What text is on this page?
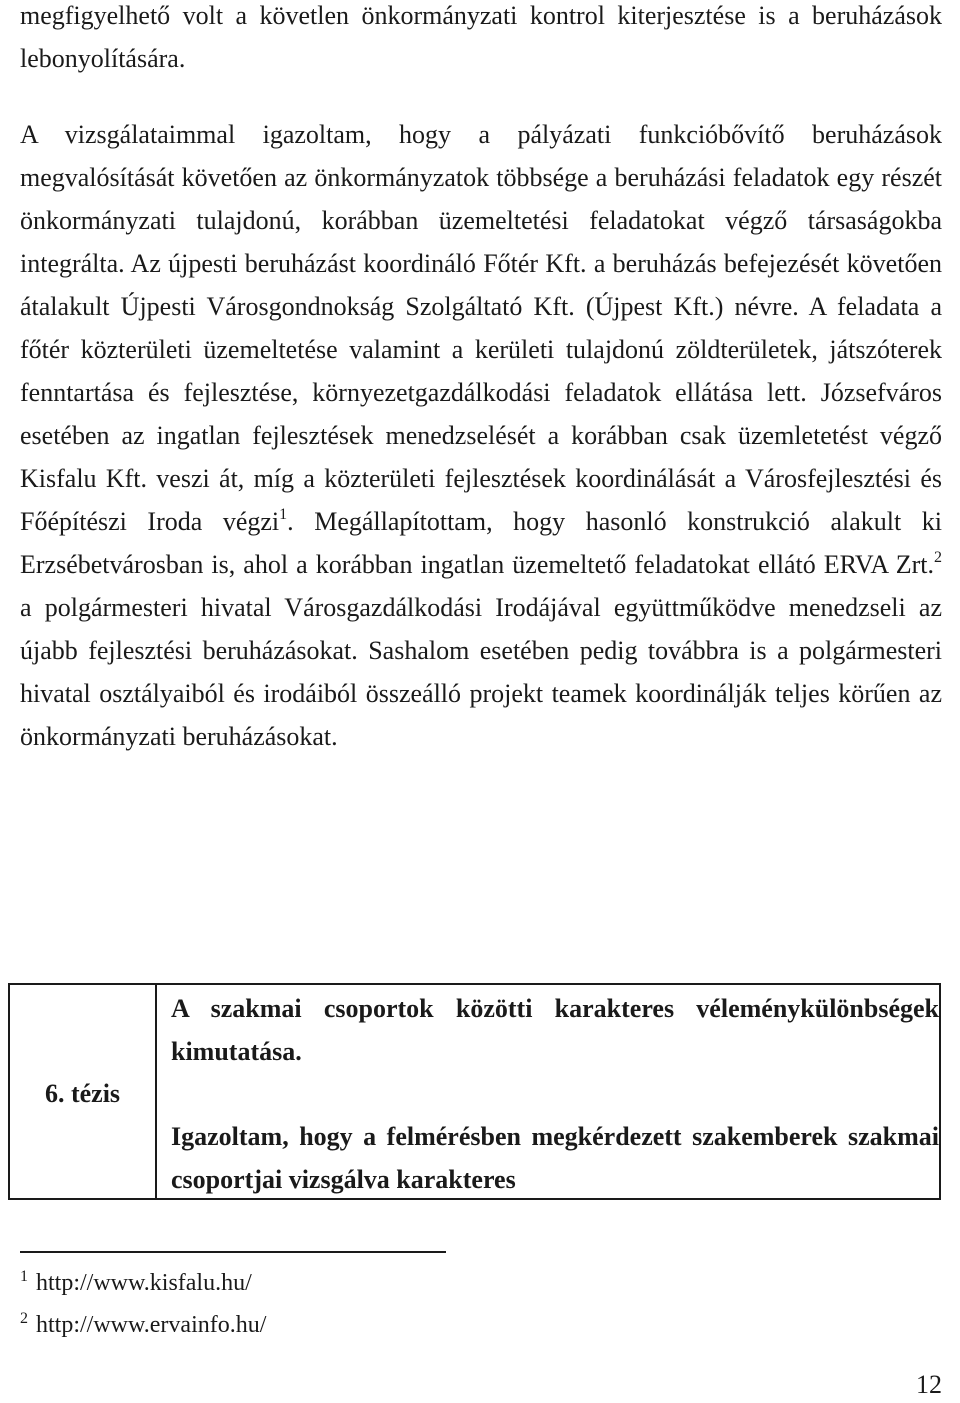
megfigyelhető volt a követlen önkormányzati kontrol kiterjesztése is a beruházások lebonyolítására.

A vizsgálataimmal igazoltam, hogy a pályázati funkcióbővítő beruházások megvalósítását követően az önkormányzatok többsége a beruházási feladatok egy részét önkormányzati tulajdonú, korábban üzemeltetési feladatokat végző társaságokba integrálta. Az újpesti beruházást koordináló Főtér Kft. a beruházás befejezését követően átalakult Újpesti Városgondnokság Szolgáltató Kft. (Újpest Kft.) névre. A feladata a főtér közterületi üzemeltetése valamint a kerületi tulajdonú zöldterületek, játszóterek fenntartása és fejlesztése, környezetgazdálkodási feladatok ellátása lett. Józsefváros esetében az ingatlan fejlesztések menedzselését a korábban csak üzemletetést végző Kisfalu Kft. veszi át, míg a közterületi fejlesztések koordinálását a Városfejlesztési és Főépítészi Iroda végzi$^1$. Megállapítottam, hogy hasonló konstrukció alakult ki Erzsébetvárosban is, ahol a korábban ingatlan üzemeltető feladatokat ellátó ERVA Zrt.$^2$ a polgármesteri hivatal Városgazdálkodási Irodájával együttműködve menedzseli az újabb fejlesztési beruházásokat. Sashalom esetében pedig továbbra is a polgármesteri hivatal osztályaiból és irodáiból összeálló projekt teamek koordinálják teljes körűen az önkormányzati beruházásokat.

6. tézis

A szakmai csoportok közötti karakteres véleménykülönbségek kimutatása.

Igazoltam, hogy a felmérésben megkérdezett szakemberek szakmai csoportjai vizsgálva karakteres

$^1$ http://www.kisfalu.hu/
$^2$ http://www.ervainfo.hu/
12
